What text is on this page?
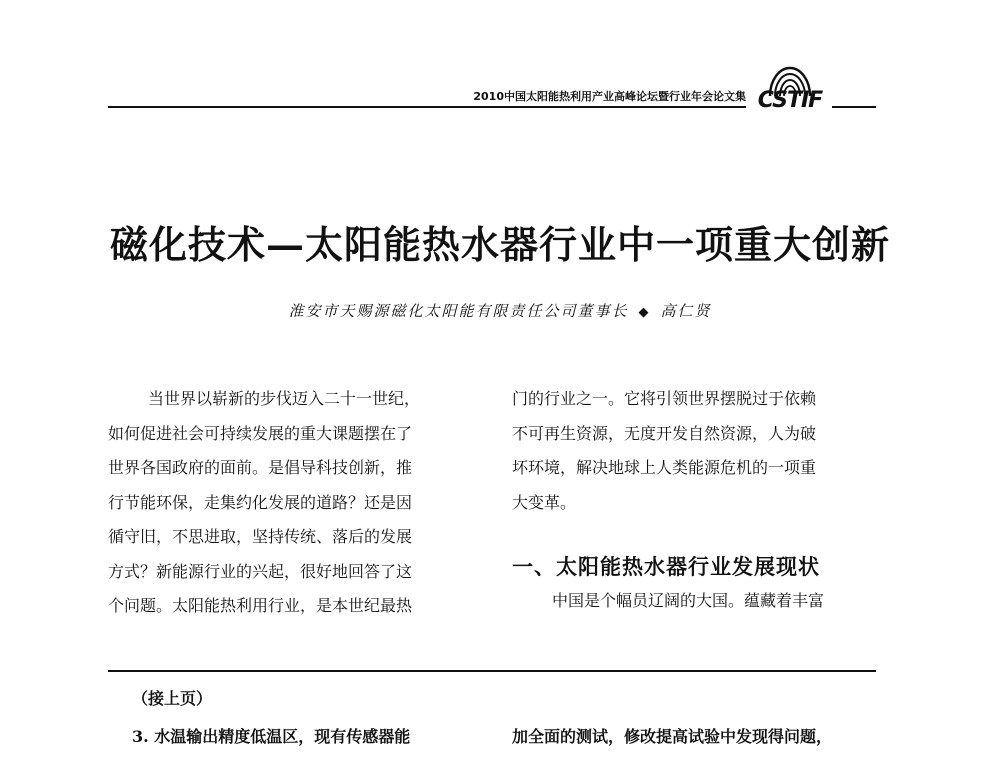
2010中国太阳能热利用产业高峰论坛暨行业年会论文集 CSTIF
磁化技术—太阳能热水器行业中一项重大创新
淮安市天赐源磁化太阳能有限责任公司董事长 ◆ 高仁贤
当世界以崭新的步伐迈入二十一世纪，
如何促进社会可持续发展的重大课题摆在了
世界各国政府的面前。是倡导科技创新，推
行节能环保，走集约化发展的道路？还是因
循守旧，不思进取，坚持传统、落后的发展
方式？新能源行业的兴起，很好地回答了这
个问题。太阳能热利用行业，是本世纪最热
门的行业之一。它将引领世界摆脱过于依赖
不可再生资源，无度开发自然资源，人为破
坏环境，解决地球上人类能源危机的一项重
大变革。
一、太阳能热水器行业发展现状
中国是个幅员辽阔的大国。蕴藏着丰富
（接上页）
3. 水温输出精度低温区，现有传感器能	加全面的测试，修改提高试验中发现得问题，
